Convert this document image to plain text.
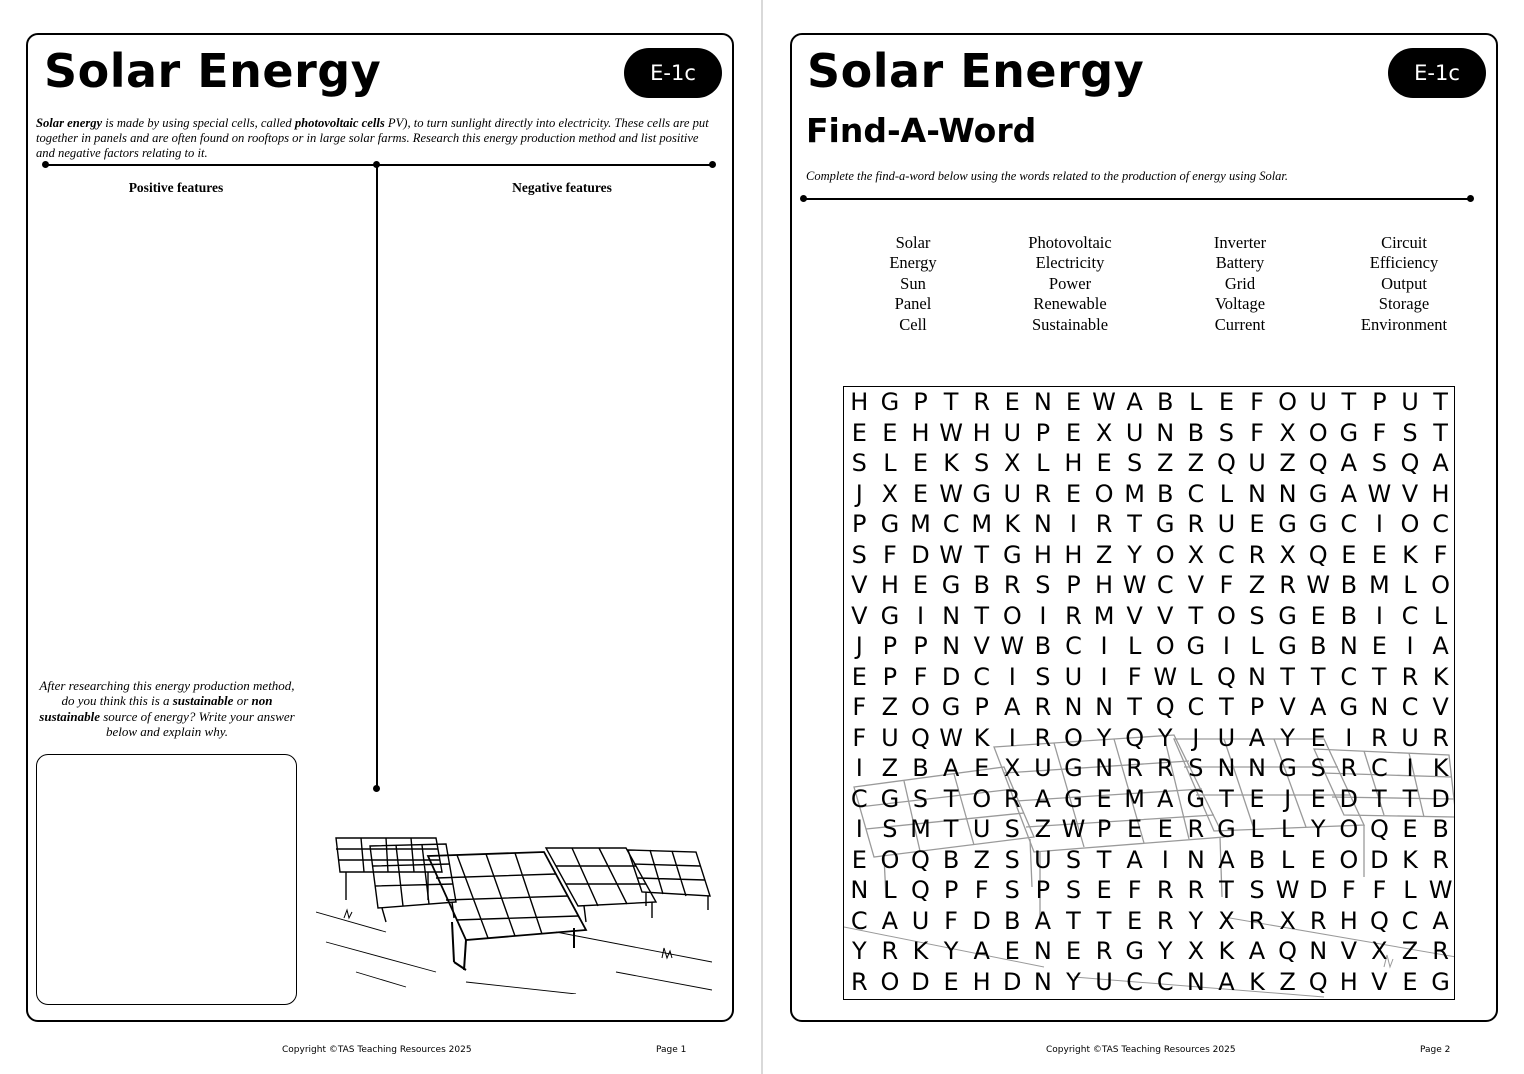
Solar Energy	E-1c
Solar energy is made by using special cells, called photovoltaic cells PV), to turn sunlight directly into electricity. These cells are put together in panels and are often found on rooftops or in large solar farms. Research this energy production method and list positive and negative factors relating to it.
Positive features	Negative features
After researching this energy production method, do you think this is a sustainable or non sustainable source of energy? Write your answer below and explain why.
Copyright ©TAS Teaching Resources 2025	Page 1
Solar Energy	E-1c
Find-A-Word
Complete the find-a-word below using the words related to the production of energy using Solar.
Solar
Energy
Sun
Panel
Cell
Photovoltaic
Electricity
Power
Renewable
Sustainable
Inverter
Battery
Grid
Voltage
Current
Circuit
Efficiency
Output
Storage
Environment
H G P T R E N E W A B L E F O U T P U T
E E H W H U P E X U N B S F X O G F S T
S L E K S X L H E S Z Z Q U Z Q A S Q A
J X E W G U R E O M B C L N N G A W V H
P G M C M K N I R T G R U E G G C I O C
S F D W T G H H Z Y O X C R X Q E E K F
V H E G B R S P H W C V F Z R W B M L O
V G I N T O I R M V V T O S G E B I C L
J P P N V W B C I L O G I L G B N E I A
E P F D C I S U I F W L Q N T T C T R K
F Z O G P A R N N T Q C T P V A G N C V
F U Q W K I R O Y Q Y J U A Y E I R U R
I Z B A E X U G N R R S N N G S R C I K
C G S T O R A G E M A G T E J E D T T D
I S M T U S Z W P E E R G L L Y O Q E B
E O Q B Z S U S T A I N A B L E O D K R
N L Q P F S P S E F R R T S W D F F L W
C A U F D B A T T E R Y X R X R H Q C A
Y R K Y A E N E R G Y X K A Q N V X Z R
R O D E H D N Y U C C N A K Z Q H V E G
Copyright ©TAS Teaching Resources 2025	Page 2
